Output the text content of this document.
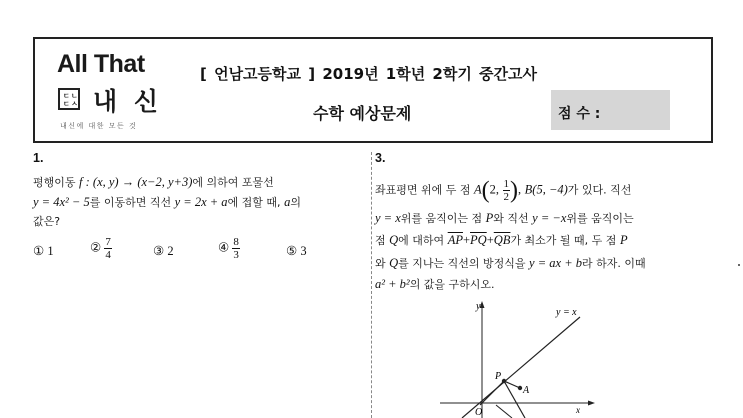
All That
ㄷ ㄴ
ㄷ ㅅ 내 신
내신에 대한 모든 것
[ 언남고등학교 ] 2019년 1학년 2학기 중간고사
수학 예상문제	점 수 :
1.
평행이동 f : (x, y) → (x−2, y+3)에 의하여 포물선
y = 4x² − 5를 이동하면 직선 y = 2x + a에 접할 때, a의
값은?
① 1	② $\frac{7}{4}$	③ 2	④ $\frac{8}{3}$	⑤ 3
3.
좌표평면 위에 두 점 A(2, $\frac{1}{2}$ ), B(5, −4)가 있다. 직선
y = x위를 움직이는 점 P와 직선 y = −x위를 움직이는
점 Q에 대하여 $\overline{AP}+\overline{PQ}+\overline{QB}$가 최소가 될 때, 두 점 P
와 Q를 지나는 직선의 방정식을 y = ax + b라 하자. 이때
a² + b²의 값을 구하시오.
y
x
y = x
O
P
A
